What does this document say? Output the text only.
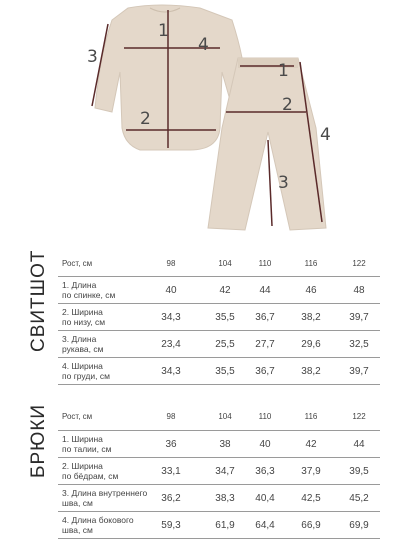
1
4
3
2
1
2
4
3
СВИТШОТ Рост, см	98	104	110	116	122
1. Длина
по спинке, см	40	42	44	46	48
2. Ширина
по низу, см	34,3	35,5	36,7	38,2	39,7
3. Длина
рукава, см	23,4	25,5	27,7	29,6	32,5
4. Ширина
по груди, см	34,3	35,5	36,7	38,2	39,7
БРЮКИ Рост, см	98	104	110	116	122
1. Ширина
по талии, см	36	38	40	42	44
2. Ширина
по бёдрам, см	33,1	34,7	36,3	37,9	39,5
3. Длина внутреннего
шва, см	36,2	38,3	40,4	42,5	45,2
4. Длина бокового
шва, см	59,3	61,9	64,4	66,9	69,9
